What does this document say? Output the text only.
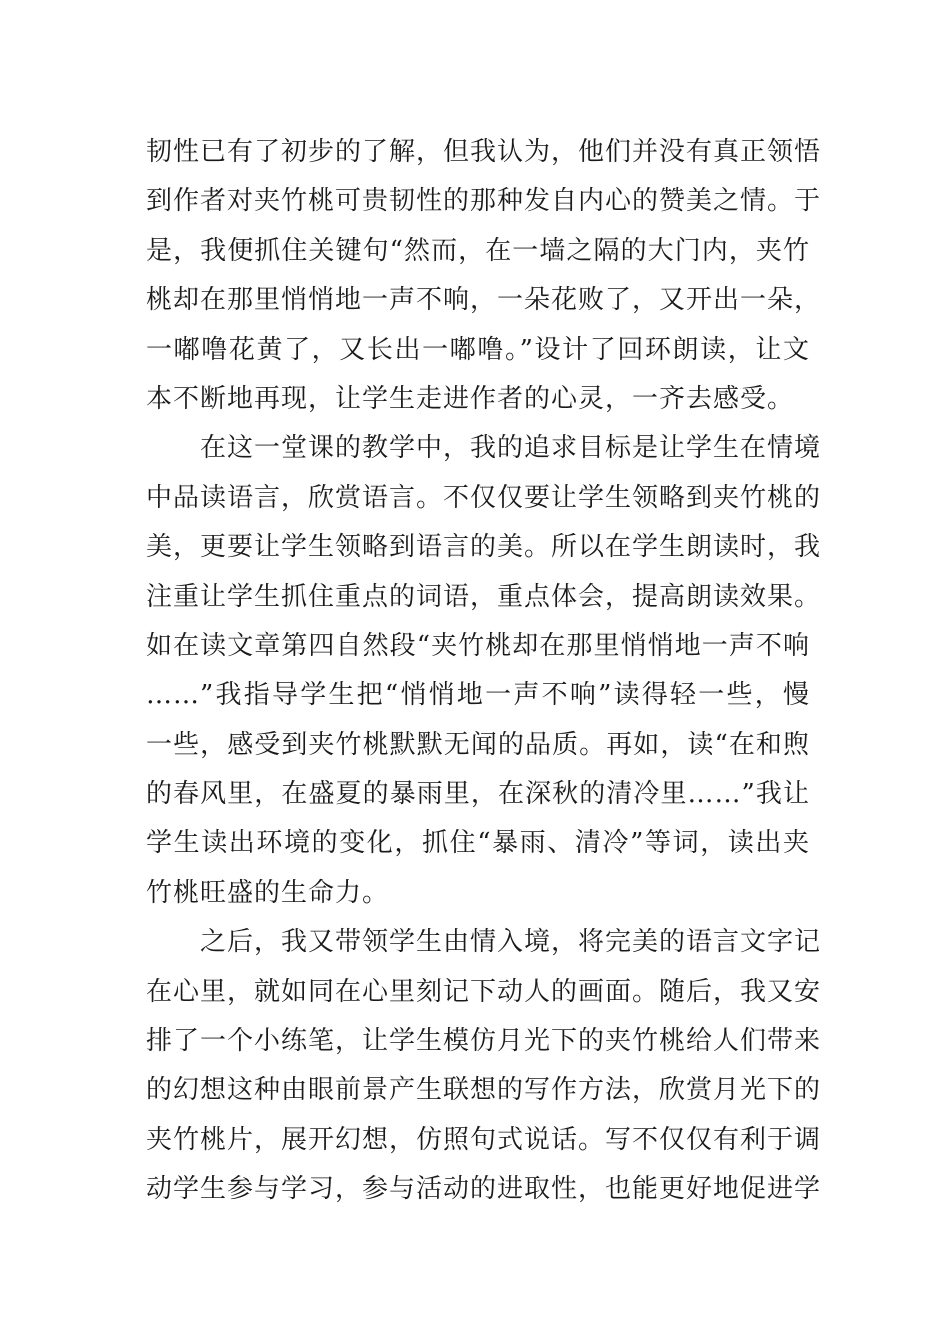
韧性已有了初步的了解，但我认为，他们并没有真正领悟
到作者对夹竹桃可贵韧性的那种发自内心的赞美之情。于
是，我便抓住关键句“然而，在一墙之隔的大门内，夹竹
桃却在那里悄悄地一声不响，一朵花败了，又开出一朵，
一嘟噜花黄了，又长出一嘟噜。”设计了回环朗读，让文
本不断地再现，让学生走进作者的心灵，一齐去感受。
　　在这一堂课的教学中，我的追求目标是让学生在情境
中品读语言，欣赏语言。不仅仅要让学生领略到夹竹桃的
美，更要让学生领略到语言的美。所以在学生朗读时，我
注重让学生抓住重点的词语，重点体会，提高朗读效果。
如在读文章第四自然段“夹竹桃却在那里悄悄地一声不响
……”我指导学生把“悄悄地一声不响”读得轻一些，慢
一些，感受到夹竹桃默默无闻的品质。再如，读“在和煦
的春风里，在盛夏的暴雨里，在深秋的清冷里……”我让
学生读出环境的变化，抓住“暴雨、清冷”等词，读出夹
竹桃旺盛的生命力。
　　之后，我又带领学生由情入境，将完美的语言文字记
在心里，就如同在心里刻记下动人的画面。随后，我又安
排了一个小练笔，让学生模仿月光下的夹竹桃给人们带来
的幻想这种由眼前景产生联想的写作方法，欣赏月光下的
夹竹桃片，展开幻想，仿照句式说话。写不仅仅有利于调
动学生参与学习，参与活动的进取性，也能更好地促进学
